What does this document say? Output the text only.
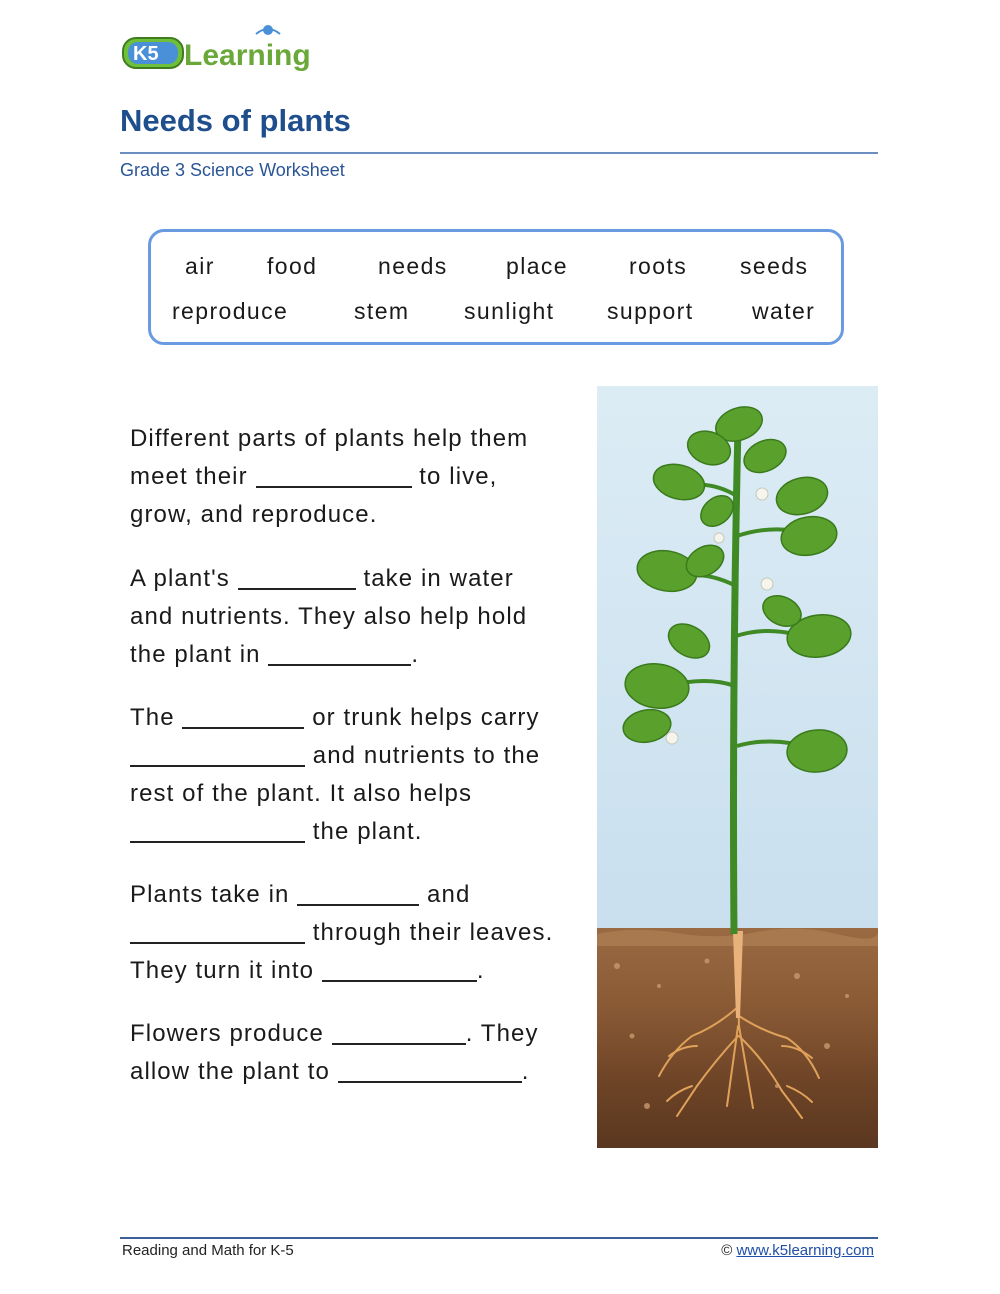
K5 Learning
Needs of plants
Grade 3 Science Worksheet
air food	needs	place	roots seeds
reproduce	stem sunlight support	water
Different parts of plants help them
meet their	to live,
grow, and reproduce.
A plant's	take in water
and nutrients. They also help hold
the plant in	.
The	or trunk helps carry
and nutrients to the
rest of the plant. It also helps
the plant.
Plants take in	and
through their leaves.
They turn it into	.
Flowers produce	. They
allow the plant to	.
Reading and Math for K-5	© www.k5learning.com
